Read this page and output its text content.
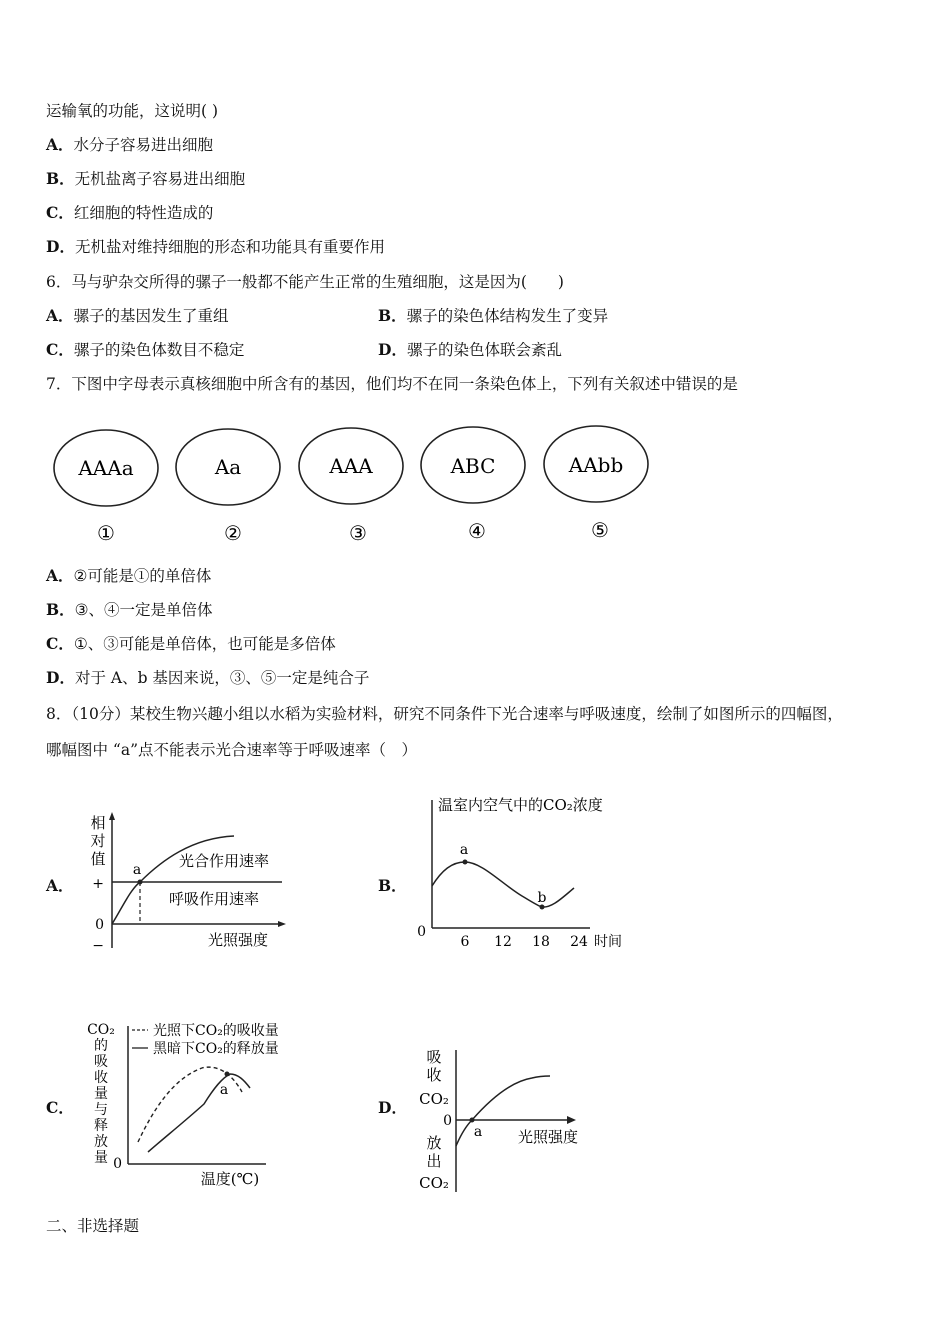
运输氧的功能，这说明( )
A．水分子容易进出细胞
B．无机盐离子容易进出细胞
C．红细胞的特性造成的
D．无机盐对维持细胞的形态和功能具有重要作用
6．马与驴杂交所得的骡子一般都不能产生正常的生殖细胞，这是因为(　　)
A．骡子的基因发生了重组	B．骡子的染色体结构发生了变异
C．骡子的染色体数目不稳定	D．骡子的染色体联会紊乱
7．下图中字母表示真核细胞中所含有的基因，他们均不在同一条染色体上，下列有关叙述中错误的是
AAAa
①
Aa
②
AAA
③
ABC
④
AAbb
⑤
A．②可能是①的单倍体
B．③、④一定是单倍体
C．①、③可能是单倍体，也可能是多倍体
D．对于 A、b 基因来说，③、⑤一定是纯合子
8．（10分）某校生物兴趣小组以水稻为实验材料，研究不同条件下光合速率与呼吸速度，绘制了如图所示的四幅图，
哪幅图中 “a”点不能表示光合速率等于呼吸速率（　）
A．
相
对
值
+
0
−
a	光合作用速率
呼吸作用速率
光照强度
B．
温室内空气中的CO₂浓度
0
6 12 18 24 时间
a
b
C．
CO₂
的
吸
收
量
与
释
放
量 0
光照下CO₂的吸收量
黑暗下CO₂的释放量
a
温度(℃)
D．
吸
收
CO₂
放
出
CO₂
0
a 光照强度
二、非选择题
